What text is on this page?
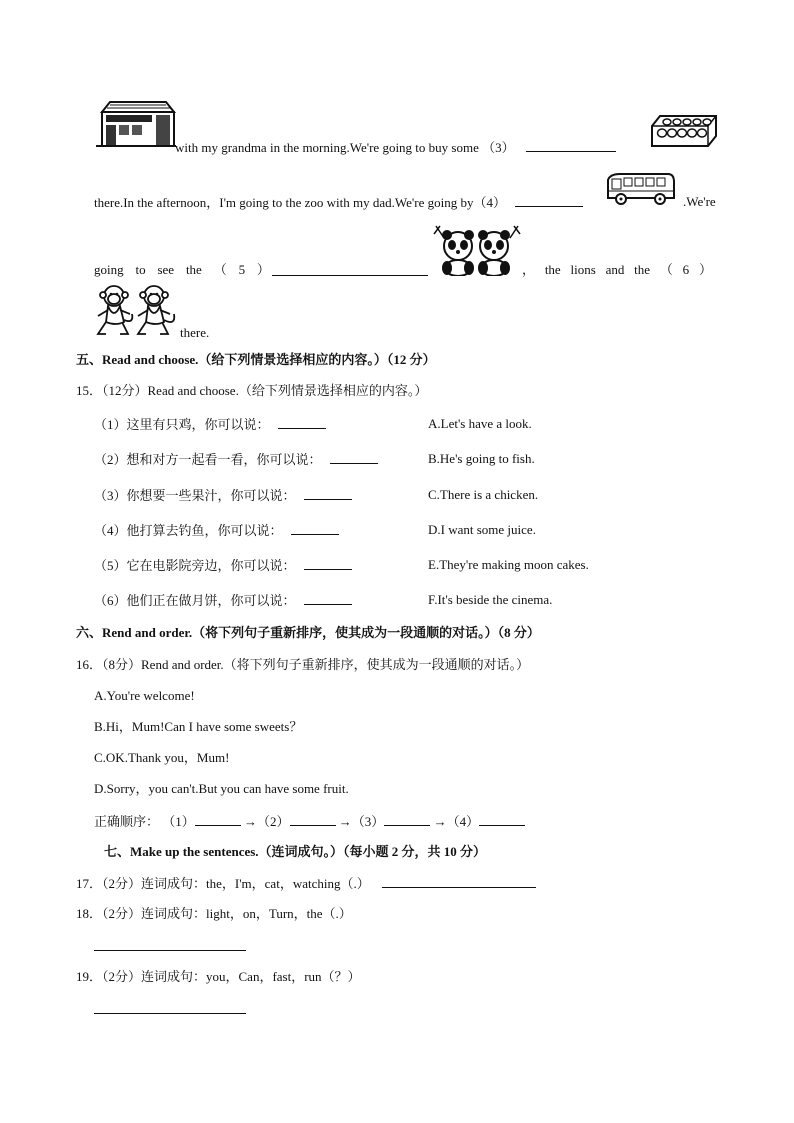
with my grandma in the morning.We're going to buy some （3）
there.In the afternoon，I'm going to the zoo with my dad.We're going by（4）	.We're
going to see the （ 5 ）	， the lions and the （ 6 ）
there.
五、Read and choose.（给下列情景选择相应的内容。）（12 分）
15．（12分）Read and choose.（给下列情景选择相应的内容。）
（1）这里有只鸡，你可以说：	A.Let's have a look.
（2）想和对方一起看一看，你可以说：	B.He's going to fish.
（3）你想要一些果汁，你可以说：	C.There is a chicken.
（4）他打算去钓鱼，你可以说：	D.I want some juice.
（5）它在电影院旁边，你可以说：	E.They're making moon cakes.
（6）他们正在做月饼，你可以说：	F.It's beside the cinema.
六、Rend and order.（将下列句子重新排序，使其成为一段通顺的对话。）（8 分）
16．（8分）Rend and order.（将下列句子重新排序，使其成为一段通顺的对话。）
A.You're welcome!
B.Hi，Mum!Can I have some sweets？
C.OK.Thank you，Mum!
D.Sorry，you can't.But you can have some fruit.
正确顺序： （1）	→（2）	→（3）	→（4）
七、Make up the sentences.（连词成句。）（每小题 2 分，共 10 分）
17．（2分）连词成句：the，I'm，cat，watching（.）
18．（2分）连词成句：light，on，Turn，the（.）
19．（2分）连词成句：you，Can，fast，run（？）
